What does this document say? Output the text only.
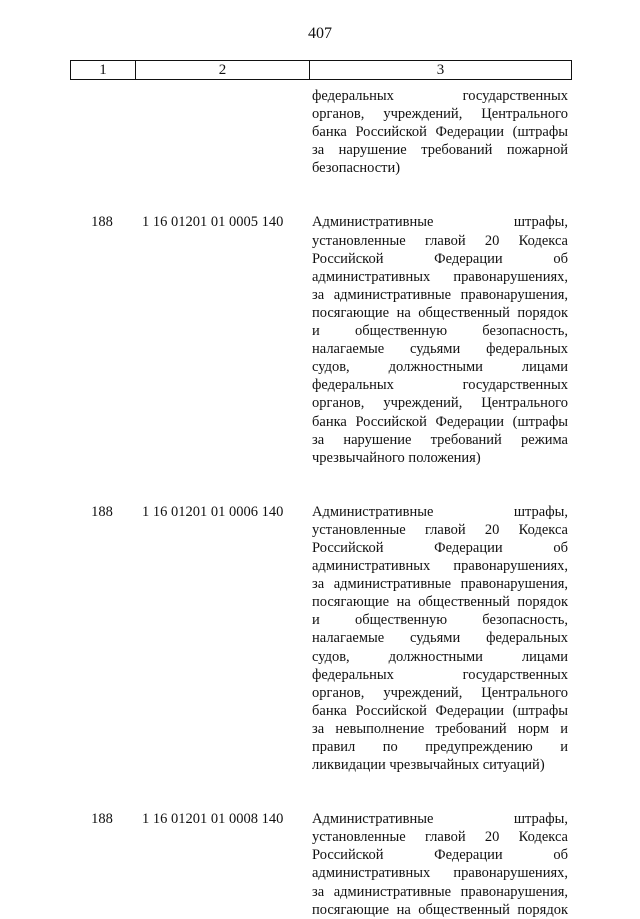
407
1	2	3
федеральных государственных
органов, учреждений, Центрального
банка Российской Федерации (штрафы
за нарушение требований пожарной
безопасности)
188	1 16 01201 01 0005 140	Административные штрафы,
установленные главой 20 Кодекса
Российской Федерации об
административных правонарушениях,
за административные правонарушения,
посягающие на общественный порядок
и общественную безопасность,
налагаемые судьями федеральных
судов, должностными лицами
федеральных государственных
органов, учреждений, Центрального
банка Российской Федерации (штрафы
за нарушение требований режима
чрезвычайного положения)
188	1 16 01201 01 0006 140	Административные штрафы,
установленные главой 20 Кодекса
Российской Федерации об
административных правонарушениях,
за административные правонарушения,
посягающие на общественный порядок
и общественную безопасность,
налагаемые судьями федеральных
судов, должностными лицами
федеральных государственных
органов, учреждений, Центрального
банка Российской Федерации (штрафы
за невыполнение требований норм и
правил по предупреждению и
ликвидации чрезвычайных ситуаций)
188	1 16 01201 01 0008 140	Административные штрафы,
установленные главой 20 Кодекса
Российской Федерации об
административных правонарушениях,
за административные правонарушения,
посягающие на общественный порядок
